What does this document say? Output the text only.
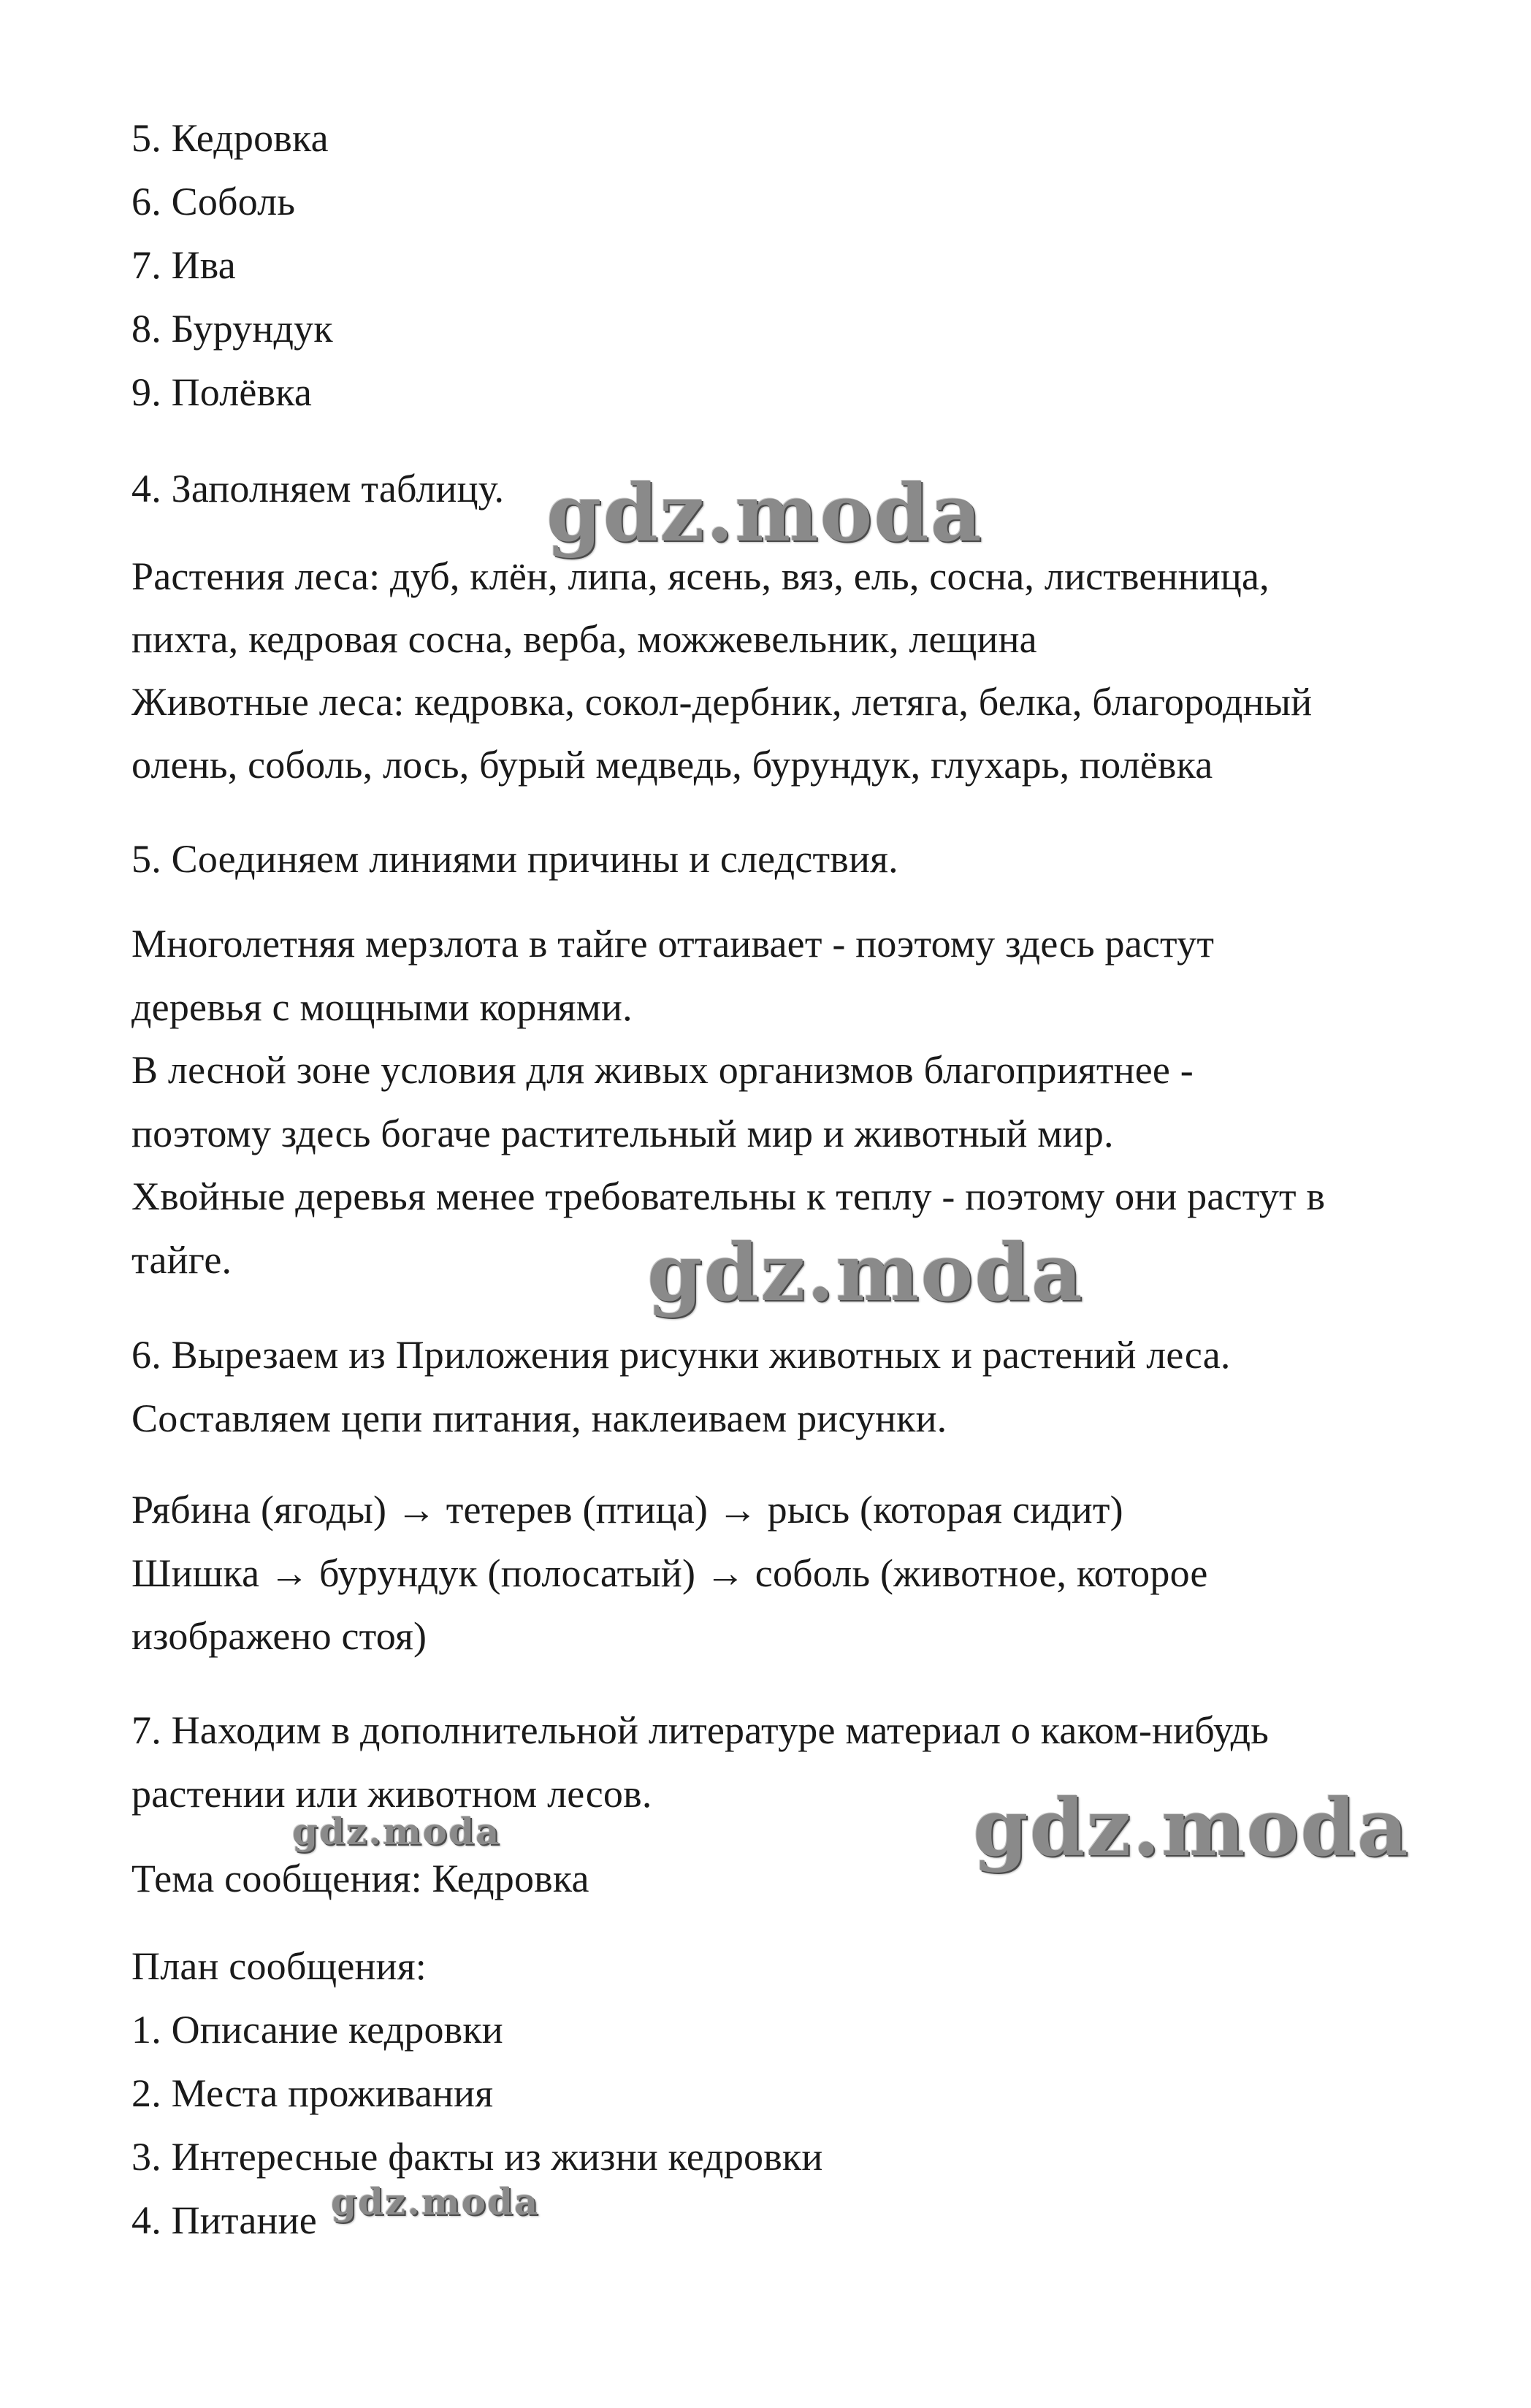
5. Кедровка
6. Соболь
7. Ива
8. Бурундук
9. Полёвка
4. Заполняем таблицу.
Растения леса: дуб, клён, липа, ясень, вяз, ель, сосна, лиственница,
пихта, кедровая сосна, верба, можжевельник, лещина
Животные леса: кедровка, сокол-дербник, летяга, белка, благородный
олень, соболь, лось, бурый медведь, бурундук, глухарь, полёвка
5. Соединяем линиями причины и следствия.
Многолетняя мерзлота в тайге оттаивает - поэтому здесь растут
деревья с мощными корнями.
В лесной зоне условия для живых организмов благоприятнее -
поэтому здесь богаче растительный мир и животный мир.
Хвойные деревья менее требовательны к теплу - поэтому они растут в
тайге.
6. Вырезаем из Приложения рисунки животных и растений леса.
Составляем цепи питания, наклеиваем рисунки.
Рябина (ягоды) → тетерев (птица) → рысь (которая сидит)
Шишка → бурундук (полосатый) → соболь (животное, которое
изображено стоя)
7. Находим в дополнительной литературе материал о каком-нибудь
растении или животном лесов.
Тема сообщения: Кедровка
План сообщения:
1. Описание кедровки
2. Места проживания
3. Интересные факты из жизни кедровки
4. Питание
gdz.moda
gdz.moda
gdz.moda
gdz.moda
gdz.moda
